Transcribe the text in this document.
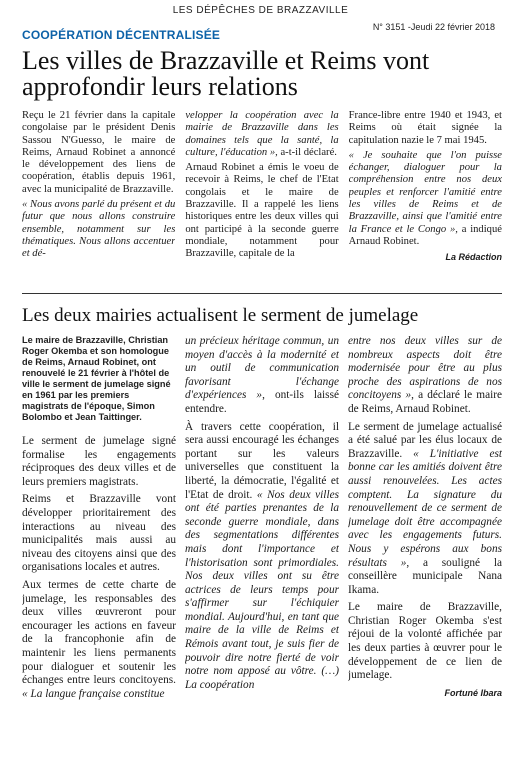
LES DÉPÊCHES DE BRAZZAVILLE
N° 3151 -Jeudi 22 février 2018
COOPÉRATION DÉCENTRALISÉE
Les villes de Brazzaville et Reims vont approfondir leurs relations

Reçu le 21 février dans la capitale congolaise par le président Denis Sassou N'Guesso, le maire de Reims, Arnaud Robinet a annoncé le développement des liens de coopération, établis depuis 1961, avec la municipalité de Brazzaville.

« Nous avons parlé du présent et du futur que nous allons construire ensemble, notamment sur les thématiques. Nous allons accentuer et dé-

velopper la coopération avec la mairie de Brazzaville dans les domaines tels que la santé, la culture, l'éducation », a-t-il déclaré.

Arnaud Robinet a émis le voeu de recevoir à Reims, le chef de l'Etat congolais et le maire de Brazzaville. Il a rappelé les liens historiques entre les deux villes qui ont participé à la seconde guerre mondiale, notamment pour Brazzaville, capitale de la

France-libre entre 1940 et 1943, et Reims où était signée la capitulation nazie le 7 mai 1945.

« Je souhaite que l'on puisse échanger, dialoguer pour la compréhension entre nos deux peuples et renforcer l'amitié entre les villes de Reims et de Brazzaville, ainsi que l'amitié entre la France et le Congo », a indiqué Arnaud Robinet.

La Rédaction
Les deux mairies actualisent le serment de jumelage

Le maire de Brazzaville, Christian Roger Okemba et son homologue de Reims, Arnaud Robinet, ont renouvelé le 21 février à l'hôtel de ville le serment de jumelage signé en 1961 par les premiers magistrats de l'époque, Simon Bolombo et Jean Taittinger.

Le serment de jumelage signé formalise les engagements réciproques des deux villes et de leurs premiers magistrats.

Reims et Brazzaville vont développer prioritairement des interactions au niveau des municipalités mais aussi au niveau des citoyens ainsi que des organisations locales et autres.

Aux termes de cette charte de jumelage, les responsables des deux villes œuvreront pour encourager les actions en faveur de la francophonie afin de maintenir les liens permanents pour dialoguer et soutenir les échanges entre leurs concitoyens. « La langue française constitue

un précieux héritage commun, un moyen d'accès à la modernité et un outil de communication favorisant l'échange d'expériences », ont-ils laissé entendre.

À travers cette coopération, il sera aussi encouragé les échanges portant sur les valeurs universelles que constituent la liberté, la démocratie, l'égalité et l'Etat de droit. « Nos deux villes ont été parties prenantes de la seconde guerre mondiale, dans des segmentations différentes mais dont l'importance et l'historisation sont primordiales. Nos deux villes ont su être actrices de leurs temps pour s'affirmer sur l'échiquier mondial. Aujourd'hui, en tant que maire de la ville de Reims et Rémois avant tout, je suis fier de pouvoir dire notre fierté de voir notre nom apposé au vôtre. (…) La coopération

entre nos deux villes sur de nombreux aspects doit être modernisée pour être au plus proche des aspirations de nos concitoyens », a déclaré le maire de Reims, Arnaud Robinet.

Le serment de jumelage actualisé a été salué par les élus locaux de Brazzaville. « L'initiative est bonne car les amitiés doivent être aussi renouvelées. Les actes comptent. La signature du renouvellement de ce serment de jumelage doit être accompagnée avec les engagements futurs. Nous y espérons aux bons résultats », a souligné la conseillère municipale Nana Ikama.

Le maire de Brazzaville, Christian Roger Okemba s'est réjoui de la volonté affichée par les deux parties à œuvrer pour le développement de ce lien de jumelage.

Fortuné Ibara
